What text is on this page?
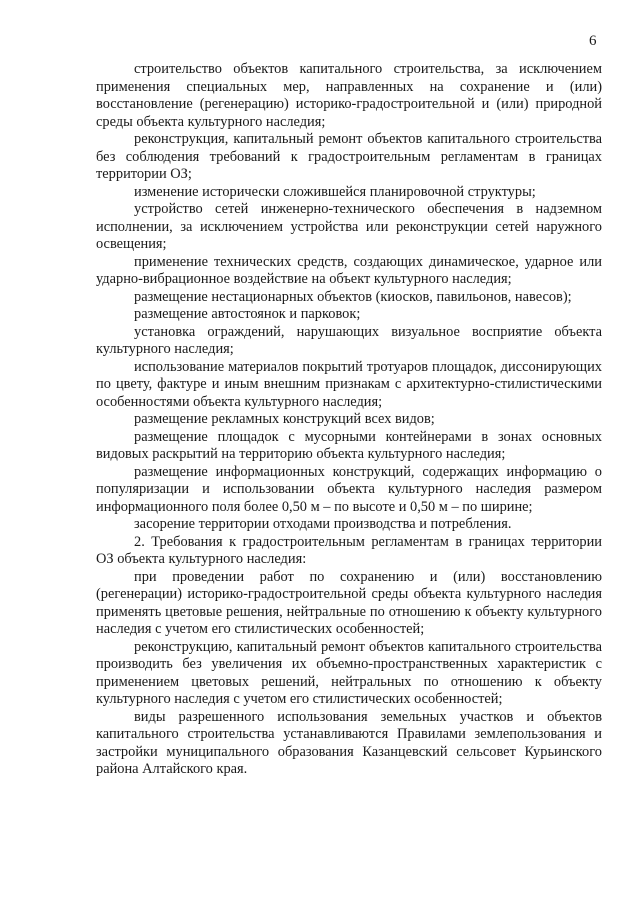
6

строительство объектов капитального строительства, за исключением применения специальных мер, направленных на сохранение и (или) восстановление (регенерацию) историко-градостроительной и (или) природной среды объекта культурного наследия;

реконструкция, капитальный ремонт объектов капитального строительства без соблюдения требований к градостроительным регламентам в границах территории ОЗ;

изменение исторически сложившейся планировочной структуры;

устройство сетей инженерно-технического обеспечения в надземном исполнении, за исключением устройства или реконструкции сетей наружного освещения;

применение технических средств, создающих динамическое, ударное или ударно-вибрационное воздействие на объект культурного наследия;

размещение нестационарных объектов (киосков, павильонов, навесов);

размещение автостоянок и парковок;

установка ограждений, нарушающих визуальное восприятие объекта культурного наследия;

использование материалов покрытий тротуаров площадок, диссонирующих по цвету, фактуре и иным внешним признакам с архитектурно-стилистическими особенностями объекта культурного наследия;

размещение рекламных конструкций всех видов;

размещение площадок с мусорными контейнерами в зонах основных видовых раскрытий на территорию объекта культурного наследия;

размещение информационных конструкций, содержащих информацию о популяризации и использовании объекта культурного наследия размером информационного поля более 0,50 м – по высоте и 0,50 м – по ширине;

засорение территории отходами производства и потребления.

2. Требования к градостроительным регламентам в границах территории ОЗ объекта культурного наследия:

при проведении работ по сохранению и (или) восстановлению (регенерации) историко-градостроительной среды объекта культурного наследия применять цветовые решения, нейтральные по отношению к объекту культурного наследия с учетом его стилистических особенностей;

реконструкцию, капитальный ремонт объектов капитального строительства производить без увеличения их объемно-пространственных характеристик с применением цветовых решений, нейтральных по отношению к объекту культурного наследия с учетом его стилистических особенностей;

виды разрешенного использования земельных участков и объектов капитального строительства устанавливаются Правилами землепользования и застройки муниципального образования Казанцевский сельсовет Курьинского района Алтайского края.
